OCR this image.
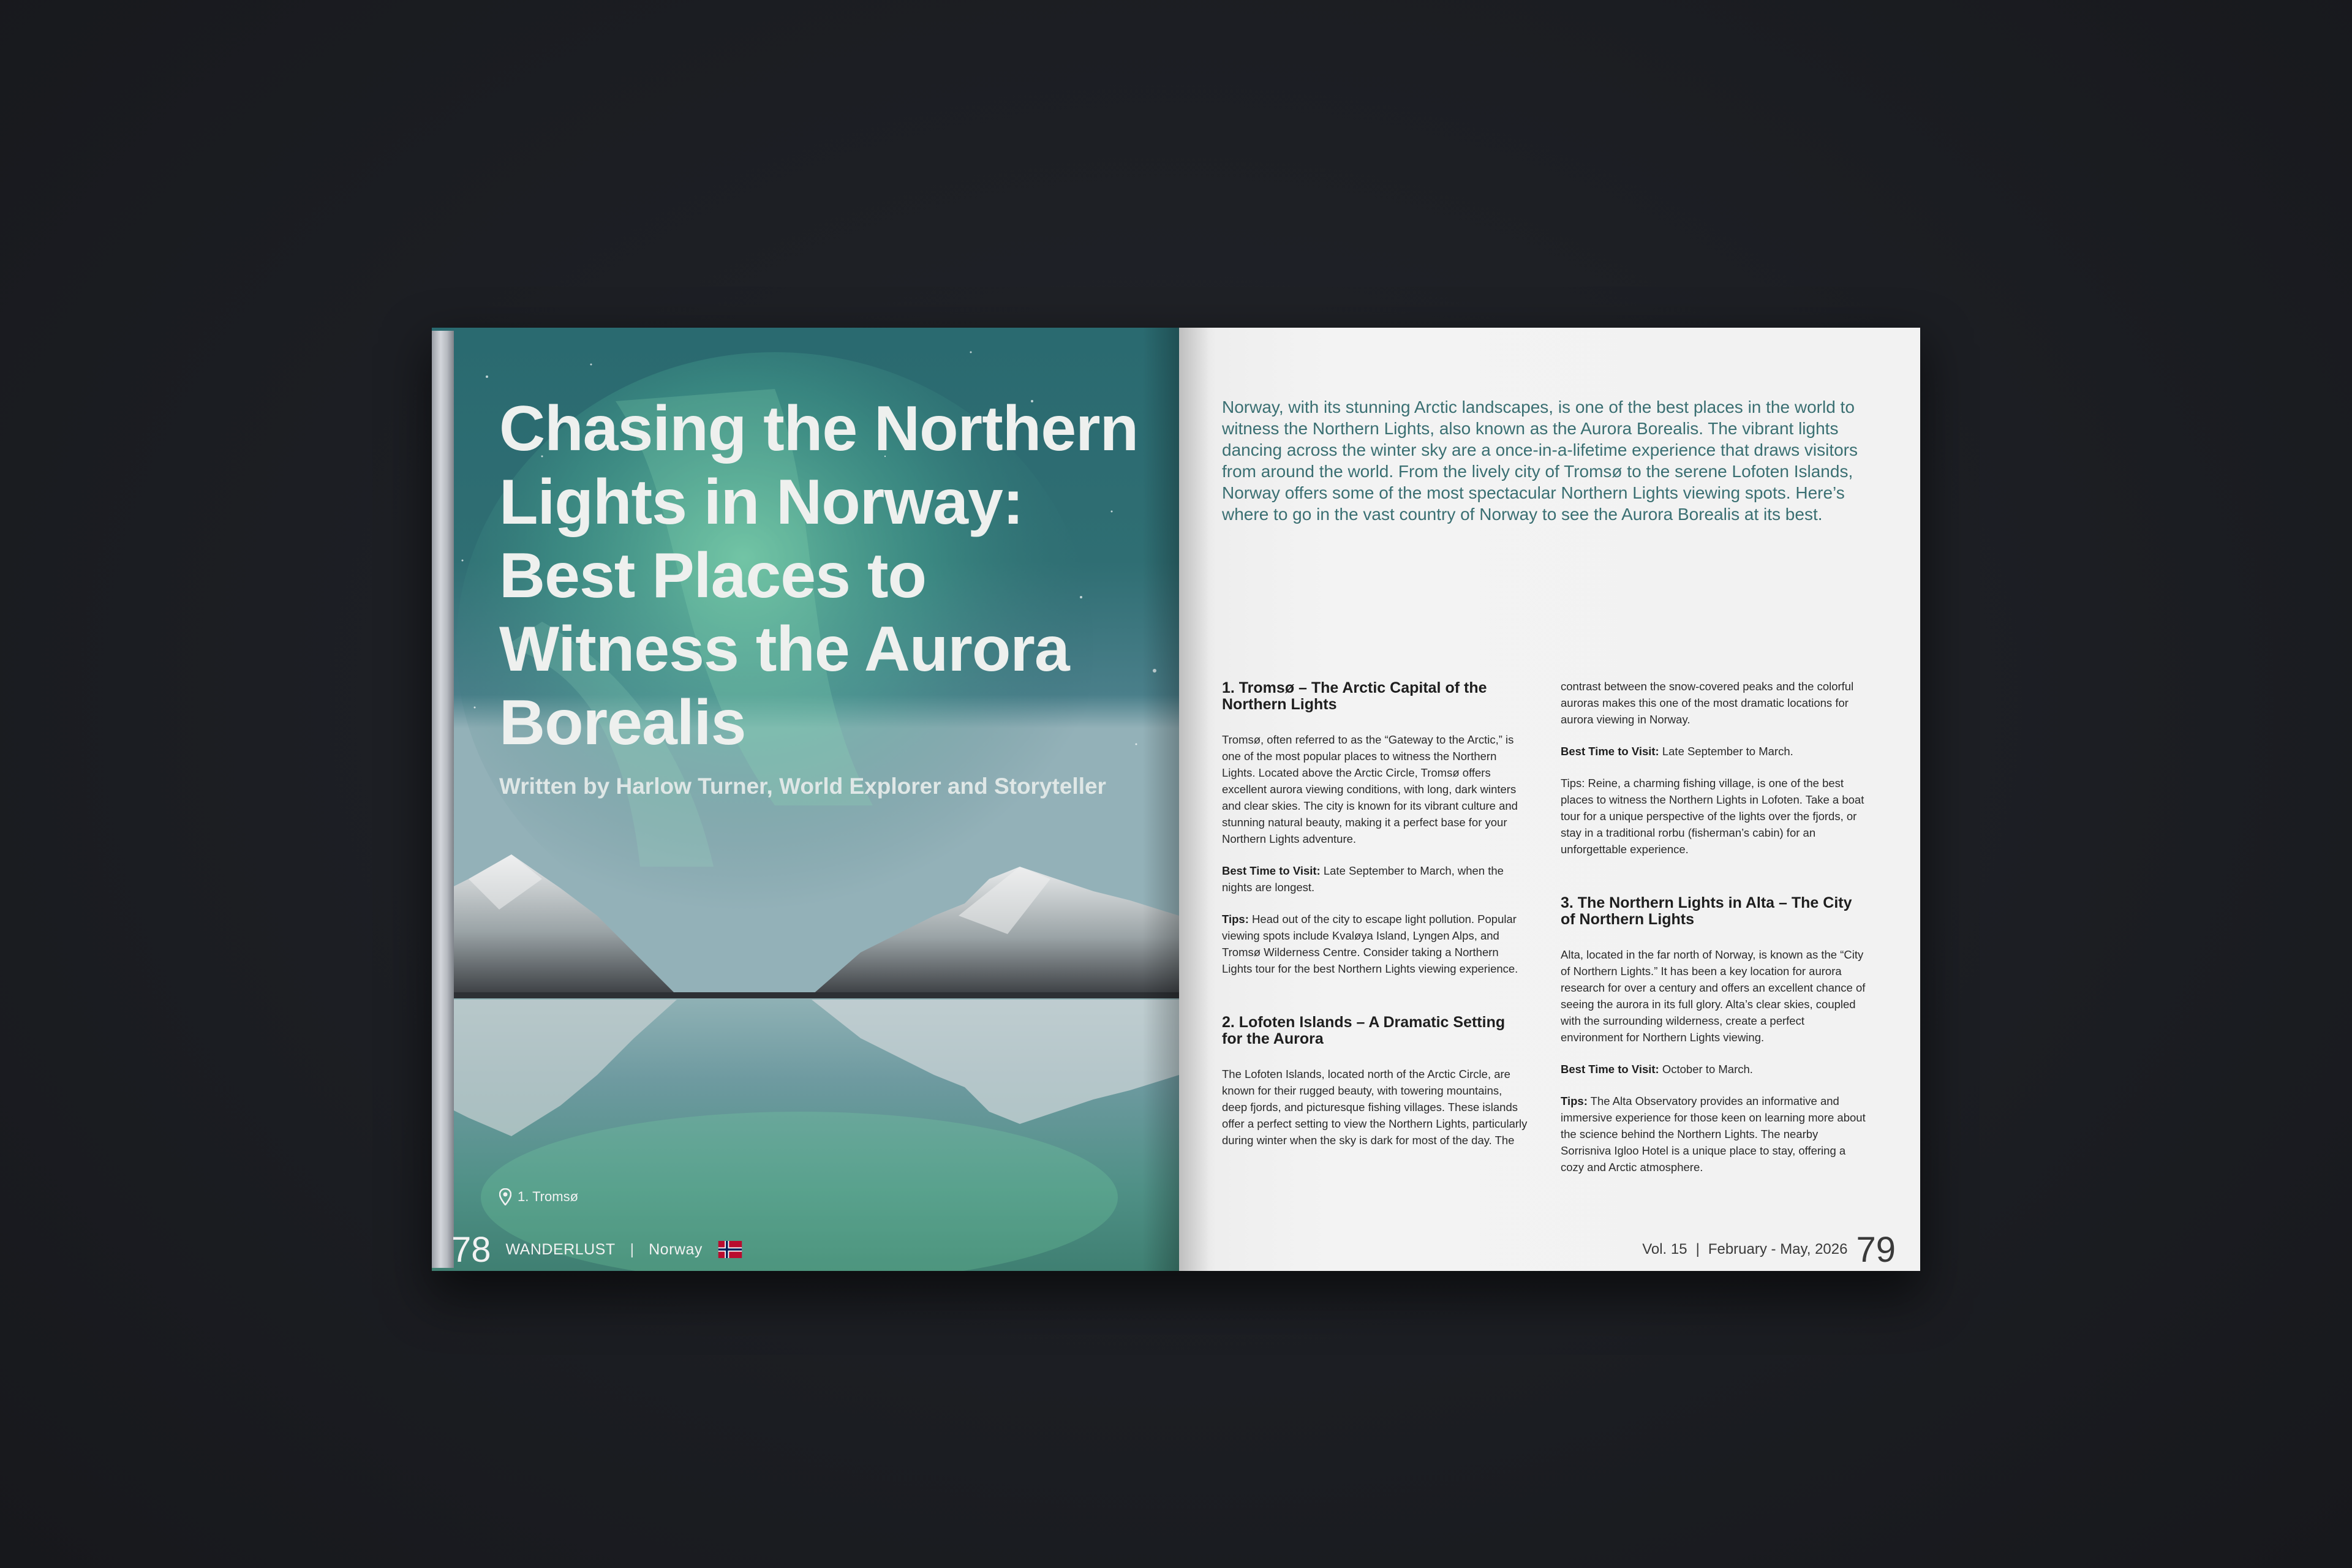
Chasing the Northern Lights in Norway: Best Places to Witness the Aurora Borealis

Written by Harlow Turner, World Explorer and Storyteller

1. Tromsø
78 WANDERLUST | Norway

Norway, with its stunning Arctic landscapes, is one of the best places in the world to witness the Northern Lights, also known as the Aurora Borealis. The vibrant lights dancing across the winter sky are a once-in-a-lifetime experience that draws visitors from around the world. From the lively city of Tromsø to the serene Lofoten Islands, Norway offers some of the most spectacular Northern Lights viewing spots. Here’s where to go in the vast country of Norway to see the Aurora Borealis at its best.

1. Tromsø – The Arctic Capital of the Northern Lights

Tromsø, often referred to as the “Gateway to the Arctic,” is one of the most popular places to witness the Northern Lights. Located above the Arctic Circle, Tromsø offers excellent aurora viewing conditions, with long, dark winters and clear skies. The city is known for its vibrant culture and stunning natural beauty, making it a perfect base for your Northern Lights adventure.

Best Time to Visit: Late September to March, when the nights are longest.

Tips: Head out of the city to escape light pollution. Popular viewing spots include Kvaløya Island, Lyngen Alps, and Tromsø Wilderness Centre. Consider taking a Northern Lights tour for the best Northern Lights viewing experience.

2. Lofoten Islands – A Dramatic Setting for the Aurora

The Lofoten Islands, located north of the Arctic Circle, are known for their rugged beauty, with towering mountains, deep fjords, and picturesque fishing villages. These islands offer a perfect setting to view the Northern Lights, particularly during winter when the sky is dark for most of the day. The

contrast between the snow-covered peaks and the colorful auroras makes this one of the most dramatic locations for aurora viewing in Norway.

Best Time to Visit: Late September to March.

Tips: Reine, a charming fishing village, is one of the best places to witness the Northern Lights in Lofoten. Take a boat tour for a unique perspective of the lights over the fjords, or stay in a traditional rorbu (fisherman’s cabin) for an unforgettable experience.

3. The Northern Lights in Alta – The City of Northern Lights

Alta, located in the far north of Norway, is known as the “City of Northern Lights.” It has been a key location for aurora research for over a century and offers an excellent chance of seeing the aurora in its full glory. Alta’s clear skies, coupled with the surrounding wilderness, create a perfect environment for Northern Lights viewing.

Best Time to Visit: October to March.

Tips: The Alta Observatory provides an informative and immersive experience for those keen on learning more about the science behind the Northern Lights. The nearby Sorrisniva Igloo Hotel is a unique place to stay, offering a cozy and Arctic atmosphere.

Vol. 15 | February - May, 2026 79
